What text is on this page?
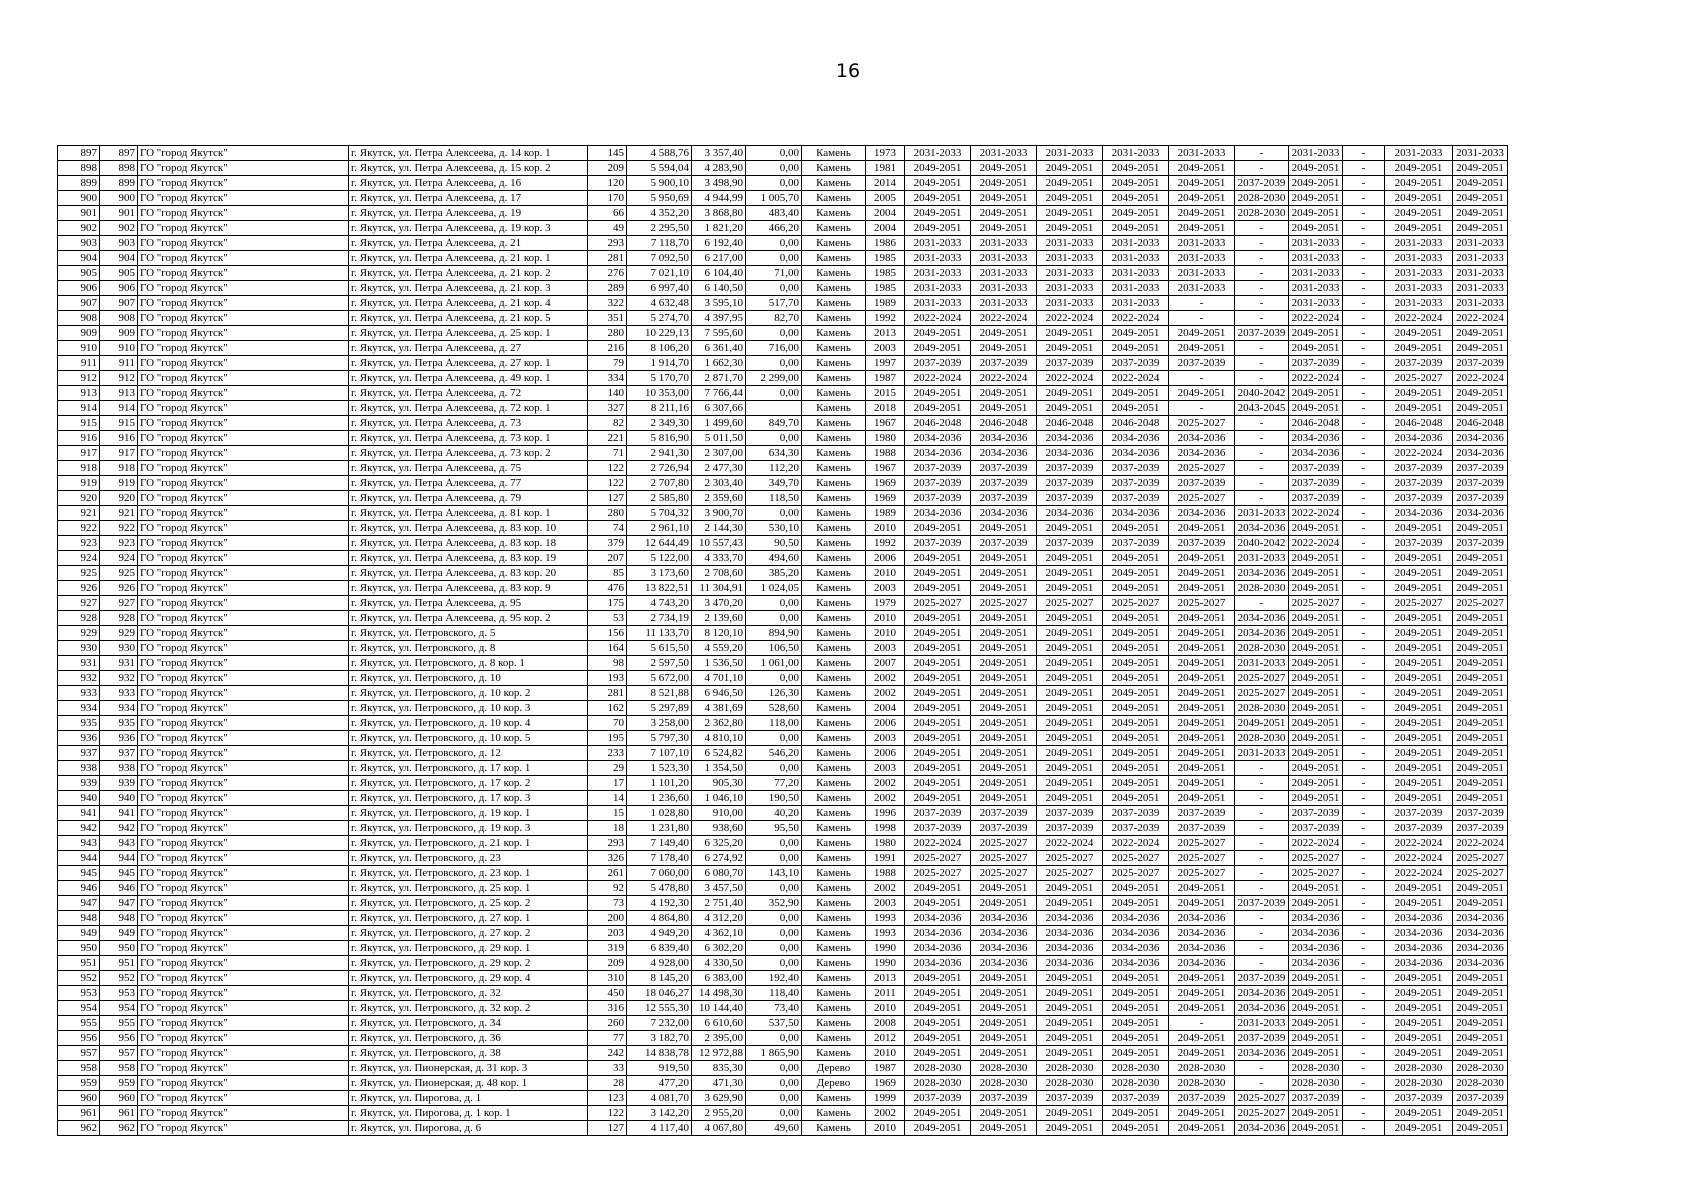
16
897	897	ГО "город Якутск"	г. Якутск, ул. Петра Алексеева, д. 14 кор. 1	145	4 588,76	3 357,40	0,00	Камень	1973	2031-2033	2031-2033	2031-2033	2031-2033	2031-2033	-	2031-2033	-	2031-2033	2031-2033
898	898	ГО "город Якутск"	г. Якутск, ул. Петра Алексеева, д. 15 кор. 2	209	5 594,04	4 283,90	0,00	Камень	1981	2049-2051	2049-2051	2049-2051	2049-2051	2049-2051	-	2049-2051	-	2049-2051	2049-2051
899	899	ГО "город Якутск"	г. Якутск, ул. Петра Алексеева, д. 16	120	5 900,10	3 498,90	0,00	Камень	2014	2049-2051	2049-2051	2049-2051	2049-2051	2049-2051	2037-2039	2049-2051	-	2049-2051	2049-2051
900	900	ГО "город Якутск"	г. Якутск, ул. Петра Алексеева, д. 17	170	5 950,69	4 944,99	1 005,70	Камень	2005	2049-2051	2049-2051	2049-2051	2049-2051	2049-2051	2028-2030	2049-2051	-	2049-2051	2049-2051
901	901	ГО "город Якутск"	г. Якутск, ул. Петра Алексеева, д. 19	66	4 352,20	3 868,80	483,40	Камень	2004	2049-2051	2049-2051	2049-2051	2049-2051	2049-2051	2028-2030	2049-2051	-	2049-2051	2049-2051
902	902	ГО "город Якутск"	г. Якутск, ул. Петра Алексеева, д. 19 кор. 3	49	2 295,50	1 821,20	466,20	Камень	2004	2049-2051	2049-2051	2049-2051	2049-2051	2049-2051	-	2049-2051	-	2049-2051	2049-2051
903	903	ГО "город Якутск"	г. Якутск, ул. Петра Алексеева, д. 21	293	7 118,70	6 192,40	0,00	Камень	1986	2031-2033	2031-2033	2031-2033	2031-2033	2031-2033	-	2031-2033	-	2031-2033	2031-2033
904	904	ГО "город Якутск"	г. Якутск, ул. Петра Алексеева, д. 21 кор. 1	281	7 092,50	6 217,00	0,00	Камень	1985	2031-2033	2031-2033	2031-2033	2031-2033	2031-2033	-	2031-2033	-	2031-2033	2031-2033
905	905	ГО "город Якутск"	г. Якутск, ул. Петра Алексеева, д. 21 кор. 2	276	7 021,10	6 104,40	71,00	Камень	1985	2031-2033	2031-2033	2031-2033	2031-2033	2031-2033	-	2031-2033	-	2031-2033	2031-2033
906	906	ГО "город Якутск"	г. Якутск, ул. Петра Алексеева, д. 21 кор. 3	289	6 997,40	6 140,50	0,00	Камень	1985	2031-2033	2031-2033	2031-2033	2031-2033	2031-2033	-	2031-2033	-	2031-2033	2031-2033
907	907	ГО "город Якутск"	г. Якутск, ул. Петра Алексеева, д. 21 кор. 4	322	4 632,48	3 595,10	517,70	Камень	1989	2031-2033	2031-2033	2031-2033	2031-2033	-	-	2031-2033	-	2031-2033	2031-2033
908	908	ГО "город Якутск"	г. Якутск, ул. Петра Алексеева, д. 21 кор. 5	351	5 274,70	4 397,95	82,70	Камень	1992	2022-2024	2022-2024	2022-2024	2022-2024	-	-	2022-2024	-	2022-2024	2022-2024
909	909	ГО "город Якутск"	г. Якутск, ул. Петра Алексеева, д. 25 кор. 1	280	10 229,13	7 595,60	0,00	Камень	2013	2049-2051	2049-2051	2049-2051	2049-2051	2049-2051	2037-2039	2049-2051	-	2049-2051	2049-2051
910	910	ГО "город Якутск"	г. Якутск, ул. Петра Алексеева, д. 27	216	8 106,20	6 361,40	716,00	Камень	2003	2049-2051	2049-2051	2049-2051	2049-2051	2049-2051	-	2049-2051	-	2049-2051	2049-2051
911	911	ГО "город Якутск"	г. Якутск, ул. Петра Алексеева, д. 27 кор. 1	79	1 914,70	1 662,30	0,00	Камень	1997	2037-2039	2037-2039	2037-2039	2037-2039	2037-2039	-	2037-2039	-	2037-2039	2037-2039
912	912	ГО "город Якутск"	г. Якутск, ул. Петра Алексеева, д. 49 кор. 1	334	5 170,70	2 871,70	2 299,00	Камень	1987	2022-2024	2022-2024	2022-2024	2022-2024	-	-	2022-2024	-	2025-2027	2022-2024
913	913	ГО "город Якутск"	г. Якутск, ул. Петра Алексеева, д. 72	140	10 353,00	7 766,44	0,00	Камень	2015	2049-2051	2049-2051	2049-2051	2049-2051	2049-2051	2040-2042	2049-2051	-	2049-2051	2049-2051
914	914	ГО "город Якутск"	г. Якутск, ул. Петра Алексеева, д. 72 кор. 1	327	8 211,16	6 307,66		Камень	2018	2049-2051	2049-2051	2049-2051	2049-2051	-	2043-2045	2049-2051	-	2049-2051	2049-2051
915	915	ГО "город Якутск"	г. Якутск, ул. Петра Алексеева, д. 73	82	2 349,30	1 499,60	849,70	Камень	1967	2046-2048	2046-2048	2046-2048	2046-2048	2025-2027	-	2046-2048	-	2046-2048	2046-2048
916	916	ГО "город Якутск"	г. Якутск, ул. Петра Алексеева, д. 73 кор. 1	221	5 816,90	5 011,50	0,00	Камень	1980	2034-2036	2034-2036	2034-2036	2034-2036	2034-2036	-	2034-2036	-	2034-2036	2034-2036
917	917	ГО "город Якутск"	г. Якутск, ул. Петра Алексеева, д. 73 кор. 2	71	2 941,30	2 307,00	634,30	Камень	1988	2034-2036	2034-2036	2034-2036	2034-2036	2034-2036	-	2034-2036	-	2022-2024	2034-2036
918	918	ГО "город Якутск"	г. Якутск, ул. Петра Алексеева, д. 75	122	2 726,94	2 477,30	112,20	Камень	1967	2037-2039	2037-2039	2037-2039	2037-2039	2025-2027	-	2037-2039	-	2037-2039	2037-2039
919	919	ГО "город Якутск"	г. Якутск, ул. Петра Алексеева, д. 77	122	2 707,80	2 303,40	349,70	Камень	1969	2037-2039	2037-2039	2037-2039	2037-2039	2037-2039	-	2037-2039	-	2037-2039	2037-2039
920	920	ГО "город Якутск"	г. Якутск, ул. Петра Алексеева, д. 79	127	2 585,80	2 359,60	118,50	Камень	1969	2037-2039	2037-2039	2037-2039	2037-2039	2025-2027	-	2037-2039	-	2037-2039	2037-2039
921	921	ГО "город Якутск"	г. Якутск, ул. Петра Алексеева, д. 81 кор. 1	280	5 704,32	3 900,70	0,00	Камень	1989	2034-2036	2034-2036	2034-2036	2034-2036	2034-2036	2031-2033	2022-2024	-	2034-2036	2034-2036
922	922	ГО "город Якутск"	г. Якутск, ул. Петра Алексеева, д. 83 кор. 10	74	2 961,10	2 144,30	530,10	Камень	2010	2049-2051	2049-2051	2049-2051	2049-2051	2049-2051	2034-2036	2049-2051	-	2049-2051	2049-2051
923	923	ГО "город Якутск"	г. Якутск, ул. Петра Алексеева, д. 83 кор. 18	379	12 644,49	10 557,43	90,50	Камень	1992	2037-2039	2037-2039	2037-2039	2037-2039	2037-2039	2040-2042	2022-2024	-	2037-2039	2037-2039
924	924	ГО "город Якутск"	г. Якутск, ул. Петра Алексеева, д. 83 кор. 19	207	5 122,00	4 333,70	494,60	Камень	2006	2049-2051	2049-2051	2049-2051	2049-2051	2049-2051	2031-2033	2049-2051	-	2049-2051	2049-2051
925	925	ГО "город Якутск"	г. Якутск, ул. Петра Алексеева, д. 83 кор. 20	85	3 173,60	2 708,60	385,20	Камень	2010	2049-2051	2049-2051	2049-2051	2049-2051	2049-2051	2034-2036	2049-2051	-	2049-2051	2049-2051
926	926	ГО "город Якутск"	г. Якутск, ул. Петра Алексеева, д. 83 кор. 9	476	13 822,51	11 304,91	1 024,05	Камень	2003	2049-2051	2049-2051	2049-2051	2049-2051	2049-2051	2028-2030	2049-2051	-	2049-2051	2049-2051
927	927	ГО "город Якутск"	г. Якутск, ул. Петра Алексеева, д. 95	175	4 743,20	3 470,20	0,00	Камень	1979	2025-2027	2025-2027	2025-2027	2025-2027	2025-2027	-	2025-2027	-	2025-2027	2025-2027
928	928	ГО "город Якутск"	г. Якутск, ул. Петра Алексеева, д. 95 кор. 2	53	2 734,19	2 139,60	0,00	Камень	2010	2049-2051	2049-2051	2049-2051	2049-2051	2049-2051	2034-2036	2049-2051	-	2049-2051	2049-2051
929	929	ГО "город Якутск"	г. Якутск, ул. Петровского, д. 5	156	11 133,70	8 120,10	894,90	Камень	2010	2049-2051	2049-2051	2049-2051	2049-2051	2049-2051	2034-2036	2049-2051	-	2049-2051	2049-2051
930	930	ГО "город Якутск"	г. Якутск, ул. Петровского, д. 8	164	5 615,50	4 559,20	106,50	Камень	2003	2049-2051	2049-2051	2049-2051	2049-2051	2049-2051	2028-2030	2049-2051	-	2049-2051	2049-2051
931	931	ГО "город Якутск"	г. Якутск, ул. Петровского, д. 8 кор. 1	98	2 597,50	1 536,50	1 061,00	Камень	2007	2049-2051	2049-2051	2049-2051	2049-2051	2049-2051	2031-2033	2049-2051	-	2049-2051	2049-2051
932	932	ГО "город Якутск"	г. Якутск, ул. Петровского, д. 10	193	5 672,00	4 701,10	0,00	Камень	2002	2049-2051	2049-2051	2049-2051	2049-2051	2049-2051	2025-2027	2049-2051	-	2049-2051	2049-2051
933	933	ГО "город Якутск"	г. Якутск, ул. Петровского, д. 10 кор. 2	281	8 521,88	6 946,50	126,30	Камень	2002	2049-2051	2049-2051	2049-2051	2049-2051	2049-2051	2025-2027	2049-2051	-	2049-2051	2049-2051
934	934	ГО "город Якутск"	г. Якутск, ул. Петровского, д. 10 кор. 3	162	5 297,89	4 381,69	528,60	Камень	2004	2049-2051	2049-2051	2049-2051	2049-2051	2049-2051	2028-2030	2049-2051	-	2049-2051	2049-2051
935	935	ГО "город Якутск"	г. Якутск, ул. Петровского, д. 10 кор. 4	70	3 258,00	2 362,80	118,00	Камень	2006	2049-2051	2049-2051	2049-2051	2049-2051	2049-2051	2049-2051	2049-2051	-	2049-2051	2049-2051
936	936	ГО "город Якутск"	г. Якутск, ул. Петровского, д. 10 кор. 5	195	5 797,30	4 810,10	0,00	Камень	2003	2049-2051	2049-2051	2049-2051	2049-2051	2049-2051	2028-2030	2049-2051	-	2049-2051	2049-2051
937	937	ГО "город Якутск"	г. Якутск, ул. Петровского, д. 12	233	7 107,10	6 524,82	546,20	Камень	2006	2049-2051	2049-2051	2049-2051	2049-2051	2049-2051	2031-2033	2049-2051	-	2049-2051	2049-2051
938	938	ГО "город Якутск"	г. Якутск, ул. Петровского, д. 17 кор. 1	29	1 523,30	1 354,50	0,00	Камень	2003	2049-2051	2049-2051	2049-2051	2049-2051	2049-2051	-	2049-2051	-	2049-2051	2049-2051
939	939	ГО "город Якутск"	г. Якутск, ул. Петровского, д. 17 кор. 2	17	1 101,20	905,30	77,20	Камень	2002	2049-2051	2049-2051	2049-2051	2049-2051	2049-2051	-	2049-2051	-	2049-2051	2049-2051
940	940	ГО "город Якутск"	г. Якутск, ул. Петровского, д. 17 кор. 3	14	1 236,60	1 046,10	190,50	Камень	2002	2049-2051	2049-2051	2049-2051	2049-2051	2049-2051	-	2049-2051	-	2049-2051	2049-2051
941	941	ГО "город Якутск"	г. Якутск, ул. Петровского, д. 19 кор. 1	15	1 028,80	910,00	40,20	Камень	1996	2037-2039	2037-2039	2037-2039	2037-2039	2037-2039	-	2037-2039	-	2037-2039	2037-2039
942	942	ГО "город Якутск"	г. Якутск, ул. Петровского, д. 19 кор. 3	18	1 231,80	938,60	95,50	Камень	1998	2037-2039	2037-2039	2037-2039	2037-2039	2037-2039	-	2037-2039	-	2037-2039	2037-2039
943	943	ГО "город Якутск"	г. Якутск, ул. Петровского, д. 21 кор. 1	293	7 149,40	6 325,20	0,00	Камень	1980	2022-2024	2025-2027	2022-2024	2022-2024	2025-2027	-	2022-2024	-	2022-2024	2022-2024
944	944	ГО "город Якутск"	г. Якутск, ул. Петровского, д. 23	326	7 178,40	6 274,92	0,00	Камень	1991	2025-2027	2025-2027	2025-2027	2025-2027	2025-2027	-	2025-2027	-	2022-2024	2025-2027
945	945	ГО "город Якутск"	г. Якутск, ул. Петровского, д. 23 кор. 1	261	7 060,00	6 080,70	143,10	Камень	1988	2025-2027	2025-2027	2025-2027	2025-2027	2025-2027	-	2025-2027	-	2022-2024	2025-2027
946	946	ГО "город Якутск"	г. Якутск, ул. Петровского, д. 25 кор. 1	92	5 478,80	3 457,50	0,00	Камень	2002	2049-2051	2049-2051	2049-2051	2049-2051	2049-2051	-	2049-2051	-	2049-2051	2049-2051
947	947	ГО "город Якутск"	г. Якутск, ул. Петровского, д. 25 кор. 2	73	4 192,30	2 751,40	352,90	Камень	2003	2049-2051	2049-2051	2049-2051	2049-2051	2049-2051	2037-2039	2049-2051	-	2049-2051	2049-2051
948	948	ГО "город Якутск"	г. Якутск, ул. Петровского, д. 27 кор. 1	200	4 864,80	4 312,20	0,00	Камень	1993	2034-2036	2034-2036	2034-2036	2034-2036	2034-2036	-	2034-2036	-	2034-2036	2034-2036
949	949	ГО "город Якутск"	г. Якутск, ул. Петровского, д. 27 кор. 2	203	4 949,20	4 362,10	0,00	Камень	1993	2034-2036	2034-2036	2034-2036	2034-2036	2034-2036	-	2034-2036	-	2034-2036	2034-2036
950	950	ГО "город Якутск"	г. Якутск, ул. Петровского, д. 29 кор. 1	319	6 839,40	6 302,20	0,00	Камень	1990	2034-2036	2034-2036	2034-2036	2034-2036	2034-2036	-	2034-2036	-	2034-2036	2034-2036
951	951	ГО "город Якутск"	г. Якутск, ул. Петровского, д. 29 кор. 2	209	4 928,00	4 330,50	0,00	Камень	1990	2034-2036	2034-2036	2034-2036	2034-2036	2034-2036	-	2034-2036	-	2034-2036	2034-2036
952	952	ГО "город Якутск"	г. Якутск, ул. Петровского, д. 29 кор. 4	310	8 145,20	6 383,00	192,40	Камень	2013	2049-2051	2049-2051	2049-2051	2049-2051	2049-2051	2037-2039	2049-2051	-	2049-2051	2049-2051
953	953	ГО "город Якутск"	г. Якутск, ул. Петровского, д. 32	450	18 046,27	14 498,30	118,40	Камень	2011	2049-2051	2049-2051	2049-2051	2049-2051	2049-2051	2034-2036	2049-2051	-	2049-2051	2049-2051
954	954	ГО "город Якутск"	г. Якутск, ул. Петровского, д. 32 кор. 2	316	12 555,30	10 144,40	73,40	Камень	2010	2049-2051	2049-2051	2049-2051	2049-2051	2049-2051	2034-2036	2049-2051	-	2049-2051	2049-2051
955	955	ГО "город Якутск"	г. Якутск, ул. Петровского, д. 34	260	7 232,00	6 610,60	537,50	Камень	2008	2049-2051	2049-2051	2049-2051	2049-2051	-	2031-2033	2049-2051	-	2049-2051	2049-2051
956	956	ГО "город Якутск"	г. Якутск, ул. Петровского, д. 36	77	3 182,70	2 395,00	0,00	Камень	2012	2049-2051	2049-2051	2049-2051	2049-2051	2049-2051	2037-2039	2049-2051	-	2049-2051	2049-2051
957	957	ГО "город Якутск"	г. Якутск, ул. Петровского, д. 38	242	14 838,78	12 972,88	1 865,90	Камень	2010	2049-2051	2049-2051	2049-2051	2049-2051	2049-2051	2034-2036	2049-2051	-	2049-2051	2049-2051
958	958	ГО "город Якутск"	г. Якутск, ул. Пионерская, д. 31 кор. 3	33	919,50	835,30	0,00	Дерево	1987	2028-2030	2028-2030	2028-2030	2028-2030	2028-2030	-	2028-2030	-	2028-2030	2028-2030
959	959	ГО "город Якутск"	г. Якутск, ул. Пионерская, д. 48 кор. 1	28	477,20	471,30	0,00	Дерево	1969	2028-2030	2028-2030	2028-2030	2028-2030	2028-2030	-	2028-2030	-	2028-2030	2028-2030
960	960	ГО "город Якутск"	г. Якутск, ул. Пирогова, д. 1	123	4 081,70	3 629,90	0,00	Камень	1999	2037-2039	2037-2039	2037-2039	2037-2039	2037-2039	2025-2027	2037-2039	-	2037-2039	2037-2039
961	961	ГО "город Якутск"	г. Якутск, ул. Пирогова, д. 1 кор. 1	122	3 142,20	2 955,20	0,00	Камень	2002	2049-2051	2049-2051	2049-2051	2049-2051	2049-2051	2025-2027	2049-2051	-	2049-2051	2049-2051
962	962	ГО "город Якутск"	г. Якутск, ул. Пирогова, д. 6	127	4 117,40	4 067,80	49,60	Камень	2010	2049-2051	2049-2051	2049-2051	2049-2051	2049-2051	2034-2036	2049-2051	-	2049-2051	2049-2051
